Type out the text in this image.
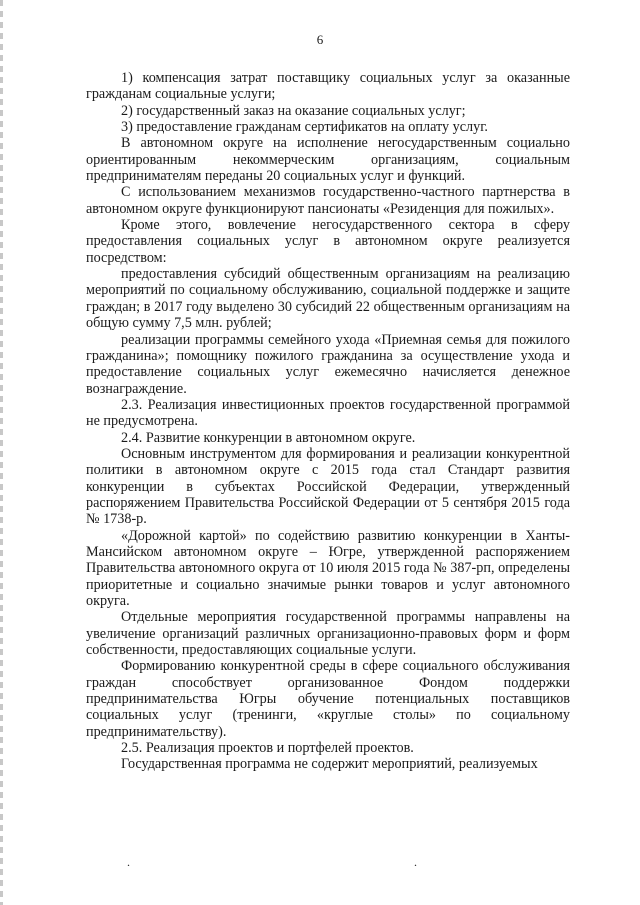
6

1) компенсация затрат поставщику социальных услуг за оказанные гражданам социальные услуги;

2) государственный заказ на оказание социальных услуг;

3) предоставление гражданам сертификатов на оплату услуг.

В автономном округе на исполнение негосударственным социально ориентированным некоммерческим организациям, социальным предпринимателям переданы 20 социальных услуг и функций.

С использованием механизмов государственно-частного партнерства в автономном округе функционируют пансионаты «Резиденция для пожилых».

Кроме этого, вовлечение негосударственного сектора в сферу предоставления социальных услуг в автономном округе реализуется посредством:

предоставления субсидий общественным организациям на реализацию мероприятий по социальному обслуживанию, социальной поддержке и защите граждан; в 2017 году выделено 30 субсидий 22 общественным организациям на общую сумму 7,5 млн. рублей;

реализации программы семейного ухода «Приемная семья для пожилого гражданина»; помощнику пожилого гражданина за осуществление ухода и предоставление социальных услуг ежемесячно начисляется денежное вознаграждение.

2.3. Реализация инвестиционных проектов государственной программой не предусмотрена.

2.4. Развитие конкуренции в автономном округе.

Основным инструментом для формирования и реализации конкурентной политики в автономном округе с 2015 года стал Стандарт развития конкуренции в субъектах Российской Федерации, утвержденный распоряжением Правительства Российской Федерации от 5 сентября 2015 года № 1738-р.

«Дорожной картой» по содействию развитию конкуренции в Ханты-Мансийском автономном округе – Югре, утвержденной распоряжением Правительства автономного округа от 10 июля 2015 года № 387-рп, определены приоритетные и социально значимые рынки товаров и услуг автономного округа.

Отдельные мероприятия государственной программы направлены на увеличение организаций различных организационно-правовых форм и форм собственности, предоставляющих социальные услуги.

Формированию конкурентной среды в сфере социального обслуживания граждан способствует организованное Фондом поддержки предпринимательства Югры обучение потенциальных поставщиков социальных услуг (тренинги, «круглые столы» по социальному предпринимательству).

2.5. Реализация проектов и портфелей проектов.

Государственная программа не содержит мероприятий, реализуемых

.	.
